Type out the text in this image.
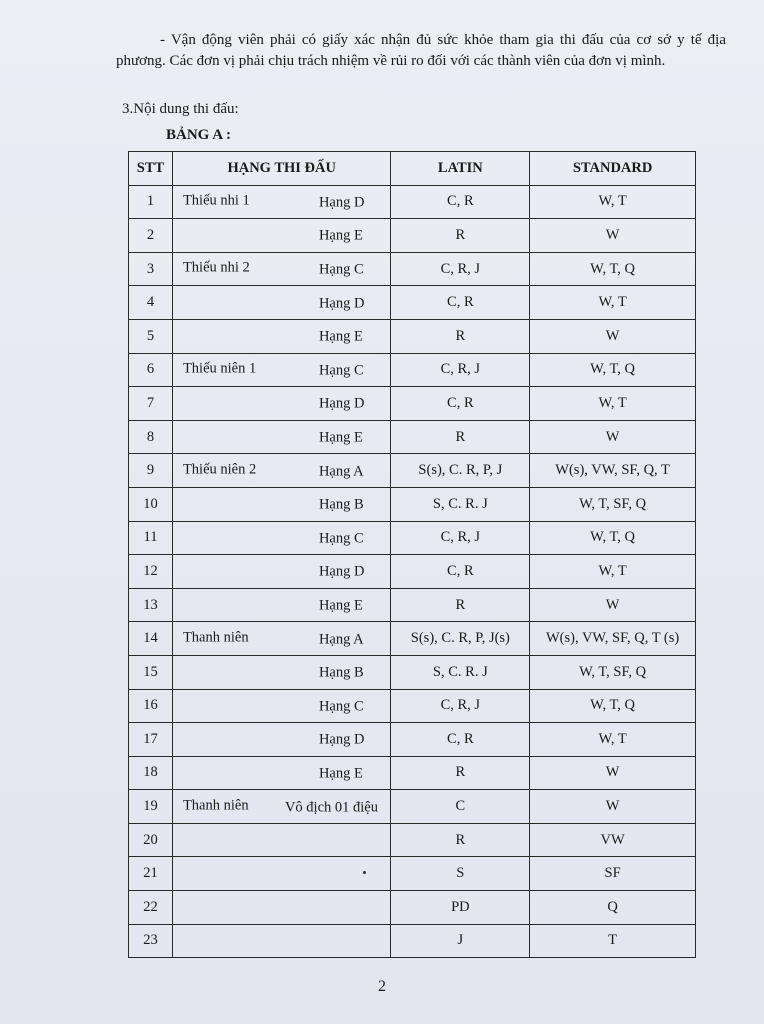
- Vận động viên phải có giấy xác nhận đủ sức khỏe tham gia thi đấu của cơ sở y tế địa phương. Các đơn vị phải chịu trách nhiệm về rủi ro đối với các thành viên của đơn vị mình.

3.Nội dung thi đấu:
BẢNG A :
STT	HẠNG THI ĐẤU	LATIN	STANDARD
1	Thiếu nhi 1 Hạng D	C, R	W, T
2	Hạng E	R	W
3	Thiếu nhi 2 Hạng C	C, R, J	W, T, Q
4	Hạng D	C, R	W, T
5	Hạng E	R	W
6	Thiếu niên 1 Hạng C	C, R, J	W, T, Q
7	Hạng D	C, R	W, T
8	Hạng E	R	W
9	Thiếu niên 2 Hạng A	S(s), C. R, P, J	W(s), VW, SF, Q, T
10	Hạng B	S, C. R. J	W, T, SF, Q
11	Hạng C	C, R, J	W, T, Q
12	Hạng D	C, R	W, T
13	Hạng E	R	W
14	Thanh niên Hạng A	S(s), C. R, P, J(s)	W(s), VW, SF, Q, T (s)
15	Hạng B	S, C. R. J	W, T, SF, Q
16	Hạng C	C, R, J	W, T, Q
17	Hạng D	C, R	W, T
18	Hạng E	R	W
19	Thanh niên Vô địch 01 điệu	C	W
20		R	VW
21		S	SF
22		PD	Q
23		J	T
2
